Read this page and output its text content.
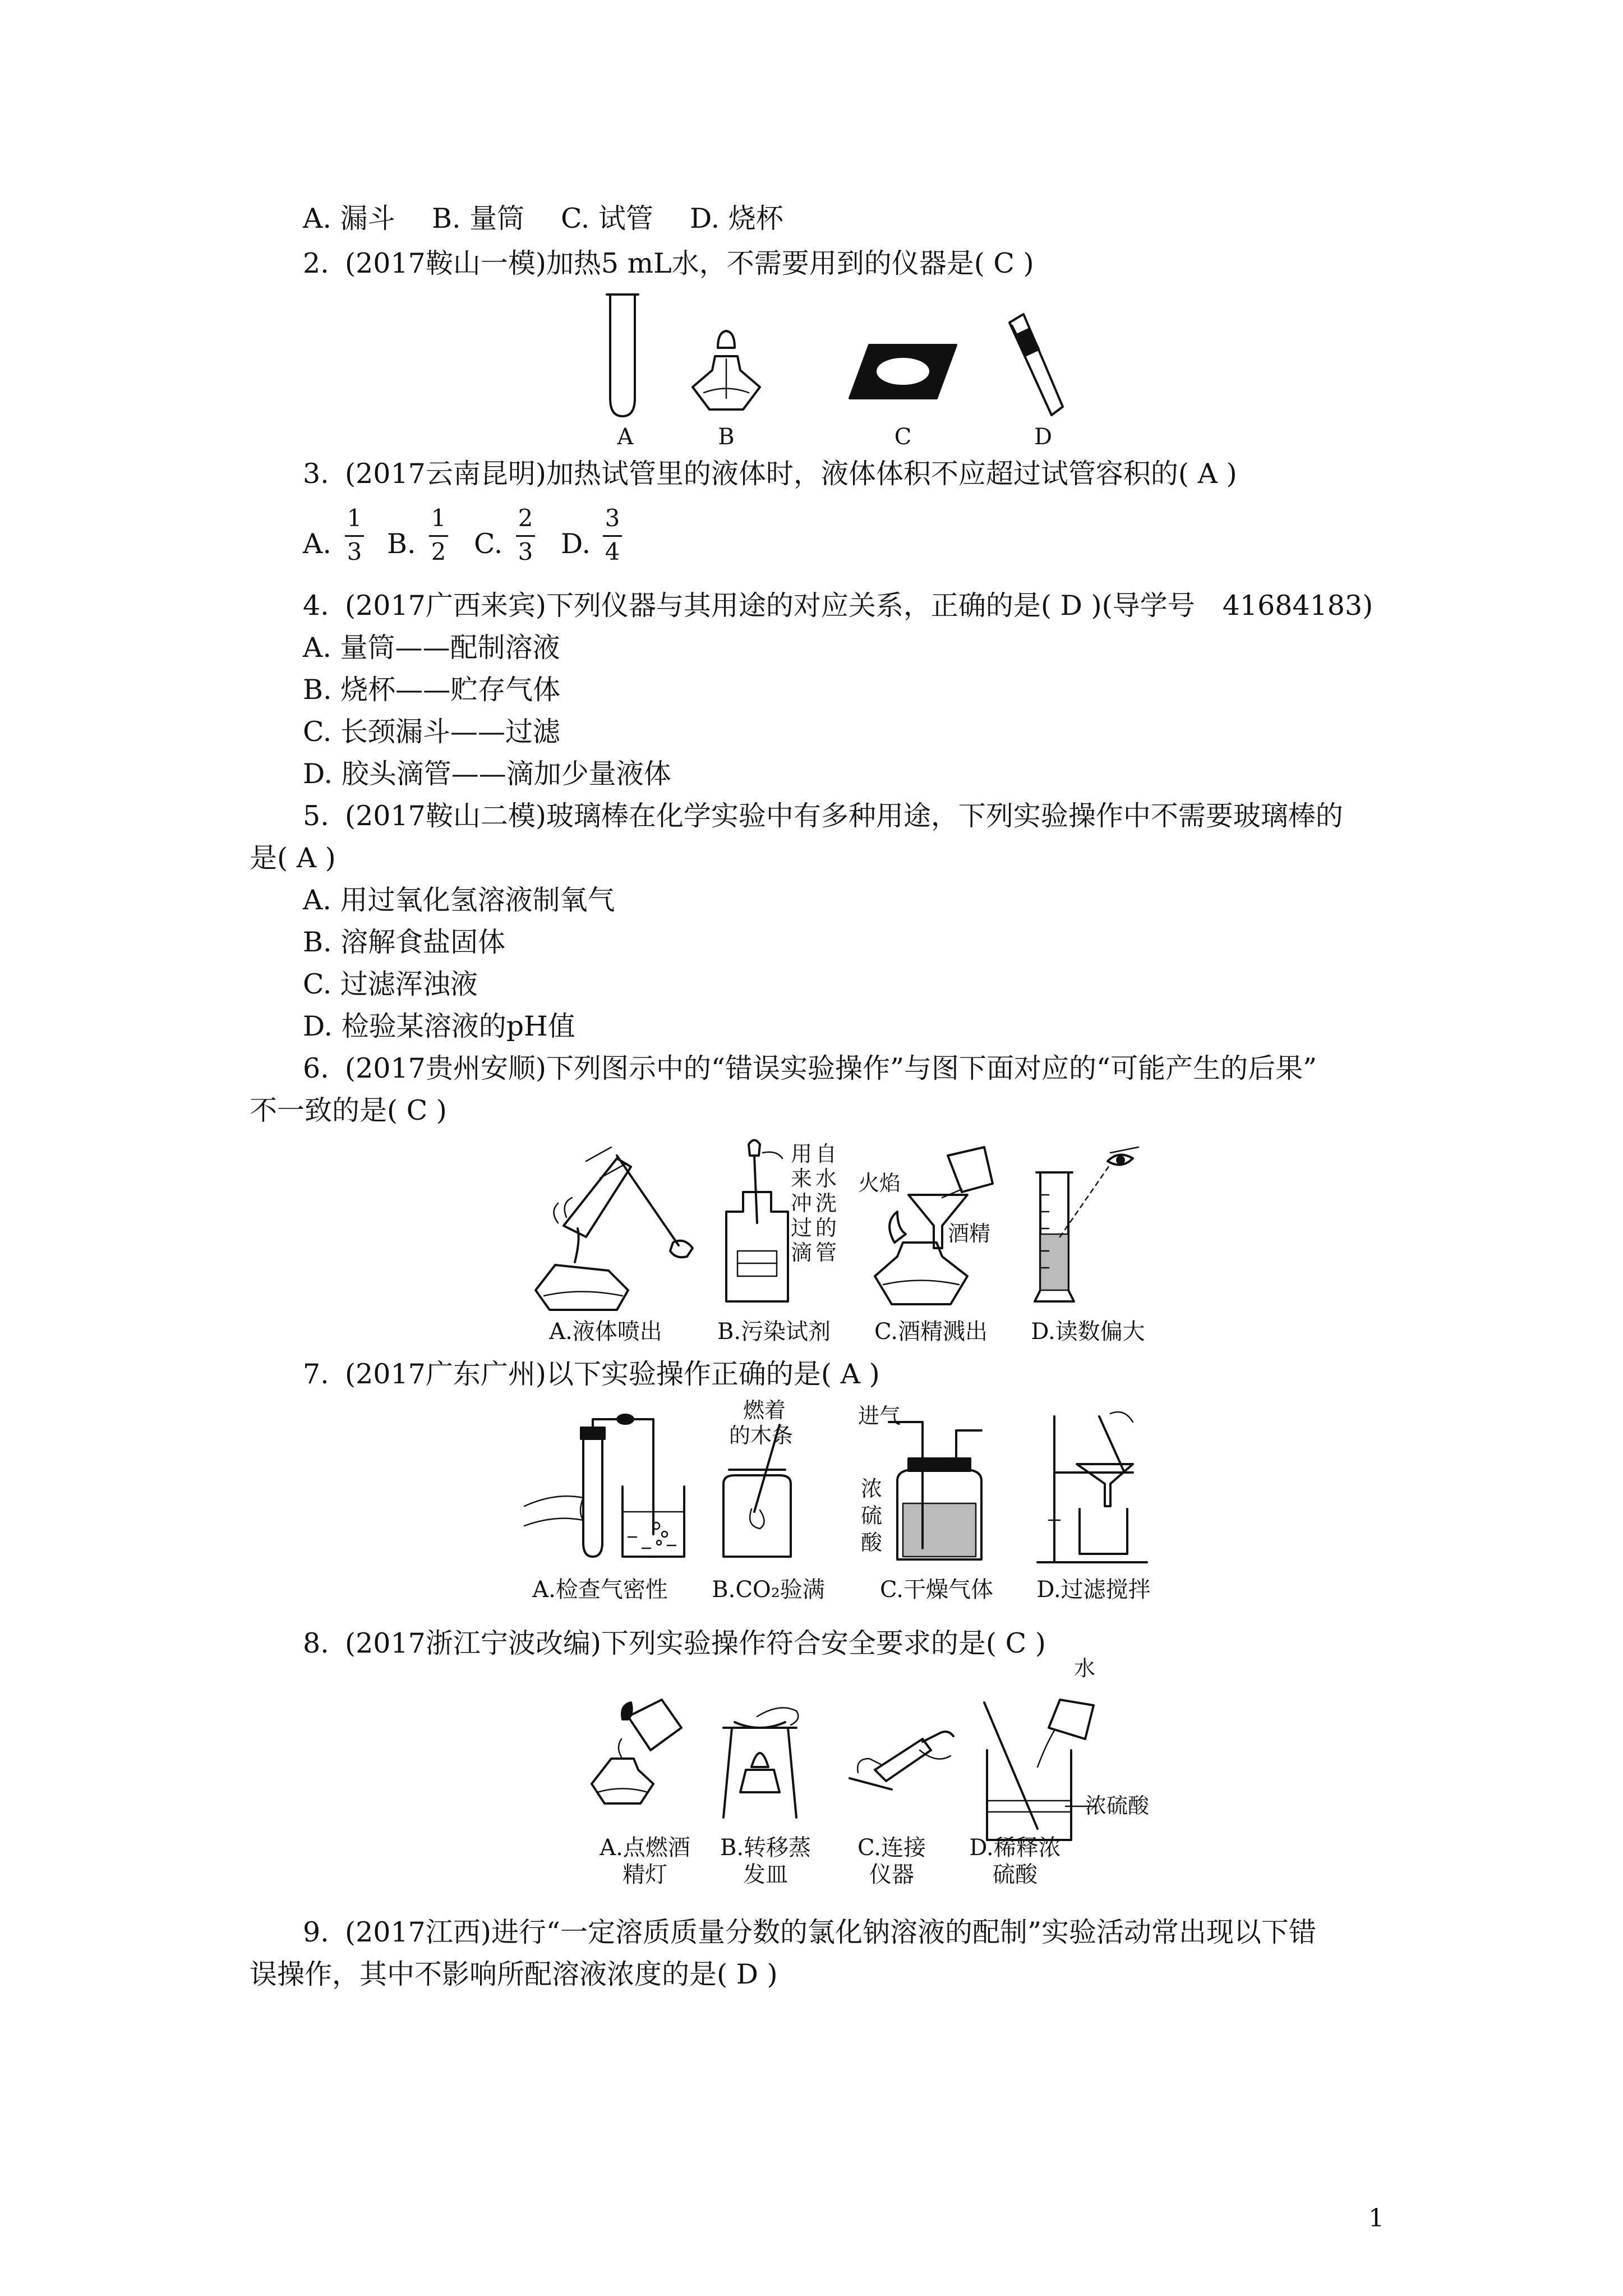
A. 漏斗 B. 量筒 C. 试管 D. 烧杯
2. (2017鞍山一模)加热5 mL水，不需要用到的仪器是( C )
A	B	C	D
3. (2017云南昆明)加热试管里的液体时，液体体积不应超过试管容积的( A )
A.
1
3 B.
1
2 C.
2
3 D.
3
4
4. (2017广西来宾)下列仪器与其用途的对应关系，正确的是( D )(导学号　41684183)
A. 量筒——配制溶液
B. 烧杯——贮存气体
C. 长颈漏斗——过滤
D. 胶头滴管——滴加少量液体
5. (2017鞍山二模)玻璃棒在化学实验中有多种用途，下列实验操作中不需要玻璃棒的
是( A )
A. 用过氧化氢溶液制氧气
B. 溶解食盐固体
C. 过滤浑浊液
D. 检验某溶液的pH值
6. (2017贵州安顺)下列图示中的“错误实验操作”与图下面对应的“可能产生的后果”
不一致的是( C )
用
来
冲
过
滴
自
水
洗
的
管
火焰
酒精
A.液体喷出	B.污染试剂	C.酒精溅出	D.读数偏大
7. (2017广东广州)以下实验操作正确的是( A )
燃着
的木条
进气
浓
硫
酸
A.检查气密性	B.CO₂验满	C.干燥气体	D.过滤搅拌
8. (2017浙江宁波改编)下列实验操作符合安全要求的是( C )
水
浓硫酸
A.点燃酒
精灯
B.转移蒸
发皿
C.连接
仪器
D.稀释浓
硫酸
9. (2017江西)进行“一定溶质质量分数的氯化钠溶液的配制”实验活动常出现以下错
误操作，其中不影响所配溶液浓度的是( D )
1
